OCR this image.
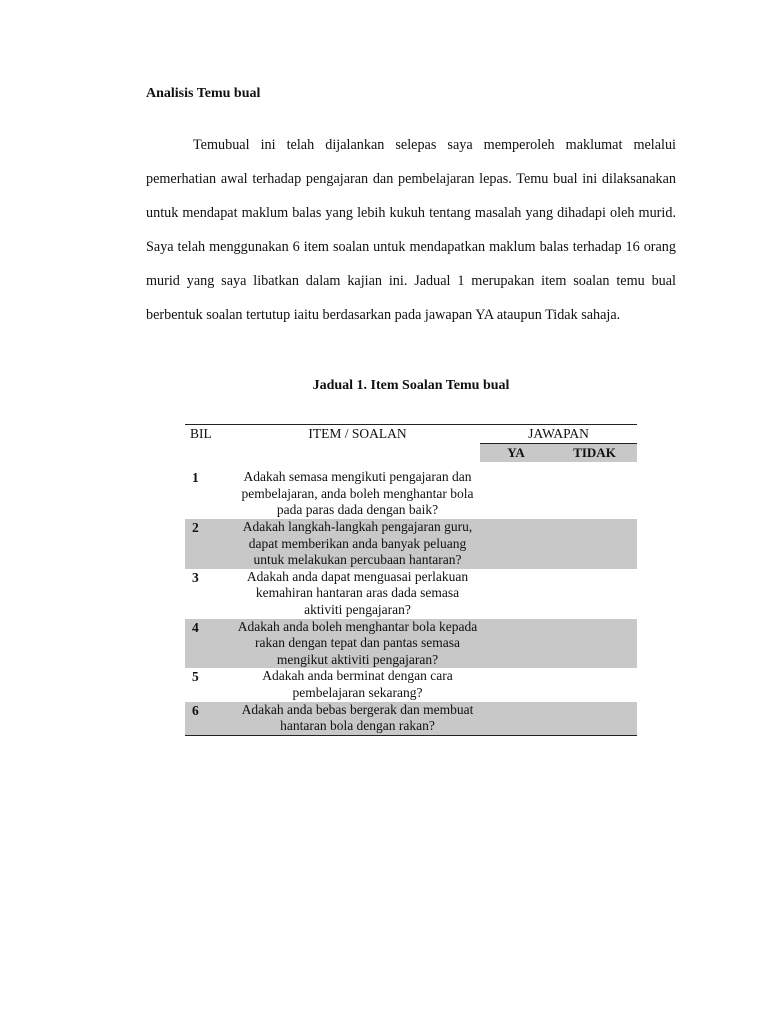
Analisis Temu bual

Temubual ini telah dijalankan selepas saya memperoleh maklumat melalui pemerhatian awal terhadap pengajaran dan pembelajaran lepas. Temu bual ini dilaksanakan untuk mendapat maklum balas yang lebih kukuh tentang masalah yang dihadapi oleh murid. Saya telah menggunakan 6 item soalan untuk mendapatkan maklum balas terhadap 16 orang murid yang saya libatkan dalam kajian ini. Jadual 1 merupakan item soalan temu bual berbentuk soalan tertutup iaitu berdasarkan pada jawapan YA ataupun Tidak sahaja.

Jadual 1. Item Soalan Temu bual

BIL	ITEM / SOALAN	JAWAPAN	
		YA	TIDAK
1	Adakah semasa mengikuti pengajaran dan pembelajaran, anda boleh menghantar bola pada paras dada dengan baik?		
2	Adakah langkah-langkah pengajaran guru, dapat memberikan anda banyak peluang untuk melakukan percubaan hantaran?		
3	Adakah anda dapat menguasai perlakuan kemahiran hantaran aras dada semasa aktiviti pengajaran?		
4	Adakah anda boleh menghantar bola kepada rakan dengan tepat dan pantas semasa mengikut aktiviti pengajaran?		
5	Adakah anda berminat dengan cara pembelajaran sekarang?		
6	Adakah anda bebas bergerak dan membuat hantaran bola dengan rakan?		
